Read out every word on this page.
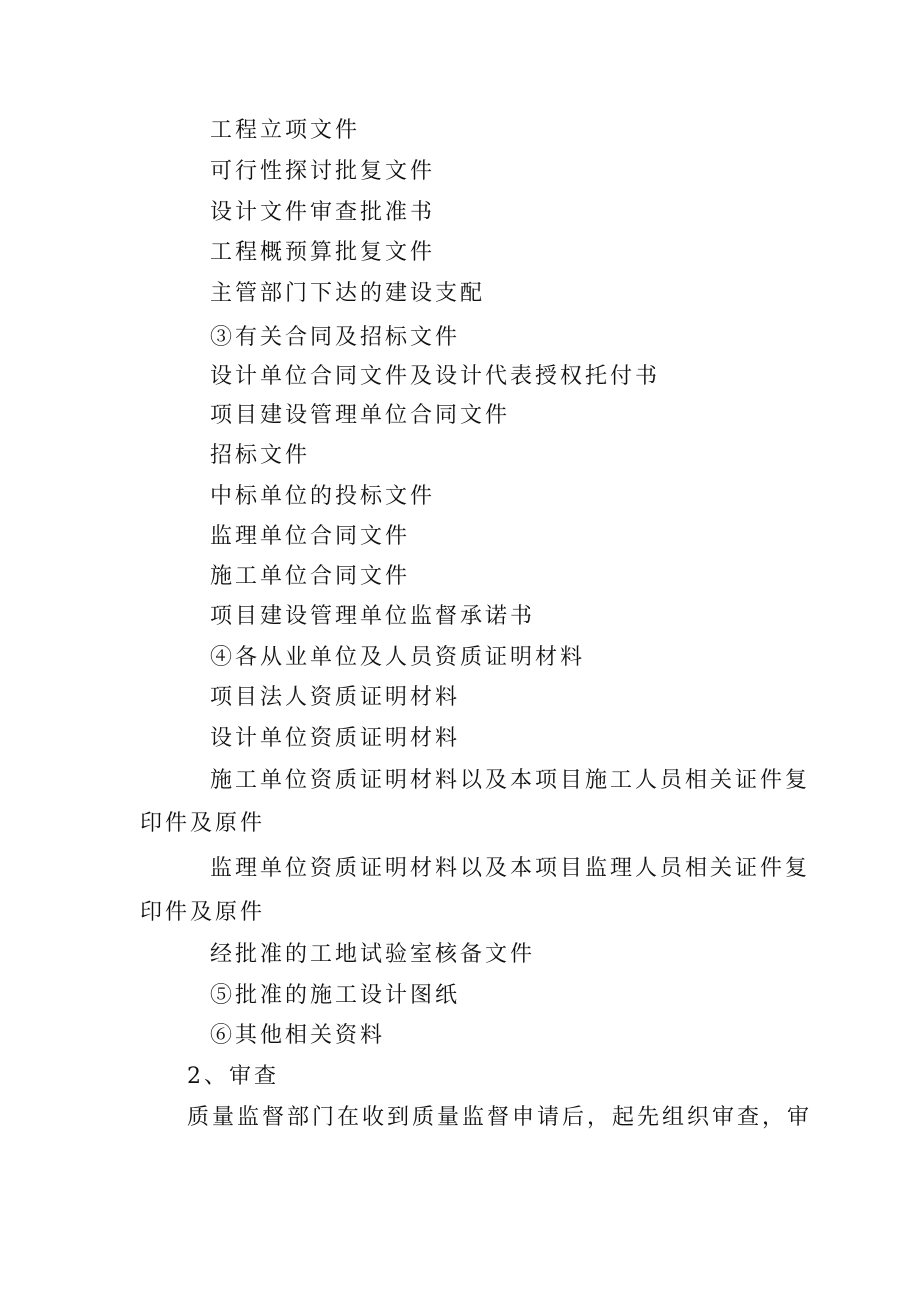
工程立项文件
可行性探讨批复文件
设计文件审查批准书
工程概预算批复文件
主管部门下达的建设支配
③有关合同及招标文件
设计单位合同文件及设计代表授权托付书
项目建设管理单位合同文件
招标文件
中标单位的投标文件
监理单位合同文件
施工单位合同文件
项目建设管理单位监督承诺书
④各从业单位及人员资质证明材料
项目法人资质证明材料
设计单位资质证明材料
施工单位资质证明材料以及本项目施工人员相关证件复
印件及原件
监理单位资质证明材料以及本项目监理人员相关证件复
印件及原件
经批准的工地试验室核备文件
⑤批准的施工设计图纸
⑥其他相关资料
2、审查
质量监督部门在收到质量监督申请后，起先组织审查，审
